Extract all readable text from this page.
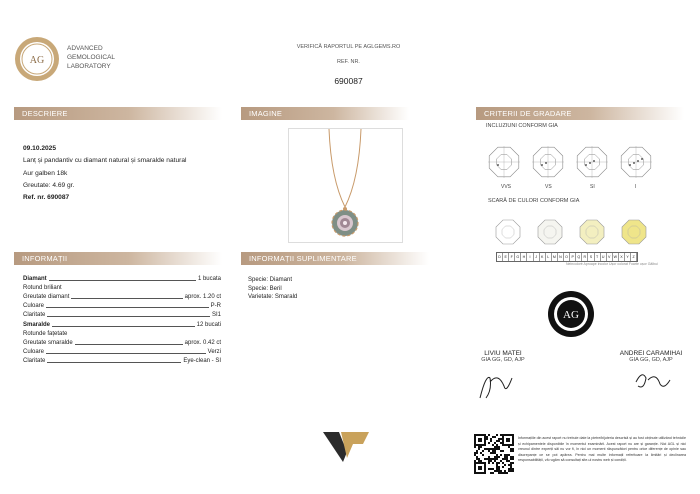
AG
ADVANCED
GEMOLOGICAL
LABORATORY
VERIFICĂ RAPORTUL PE AGLGEMS.RO
REF. NR.
690087
DESCRIERE	IMAGINE	CRITERII DE GRADARE
INFORMAȚII	INFORMAȚII SUPLIMENTARE
09.10.2025
Lanț și pandantiv cu diamant natural și smaralde natural
Aur galben 18k
Greutate: 4.69 gr.
Ref. nr. 690087
INCLUZIUNI CONFORM GIA
VVS	VS	SI	I
SCARĂ DE CULORI CONFORM GIA
D E	F G H	I	J	K	L M N O P Q R S	T	U V W X	Y	Z
Neincoloré Aproape incolor Ușor colorat Foarte ușor Gălbui
Diamant	1 bucata
Rotund briliant
Greutate diamant	aprox. 1.20 ct
Culoare	P-R
Claritate	SI1
Smaralde	12 bucati
Rotunde fațetate
Greutate smaralde	aprox. 0.42 ct
Culoare	Verzi
Claritate	Eye-clean - SI
Specie: Diamant
Specie: Beril
Varietate: Smarald
AG
LIVIU MATEI
GIA GG, GD, AJP
ANDREI CARAMIHAI
GIA GG, GD, AJP
Informațiile din acest raport nu trebuie date la pietre/bijuteria descrisă și au fost obținute utilizând tehnicile și echipamentele disponibile în momentul examinării. Acest raport nu are și garanție. Nici AGL și nici vreunul dintre experții săi nu vor fi, în nici un moment răspunzători pentru orice diferențe de opinie sau discrepanțe ce se pot apărea. Pentru mai multe informații referitoare la limitări și declinarea responsabilității, vă rugăm să consultați site-ul nostru web și condiții.
